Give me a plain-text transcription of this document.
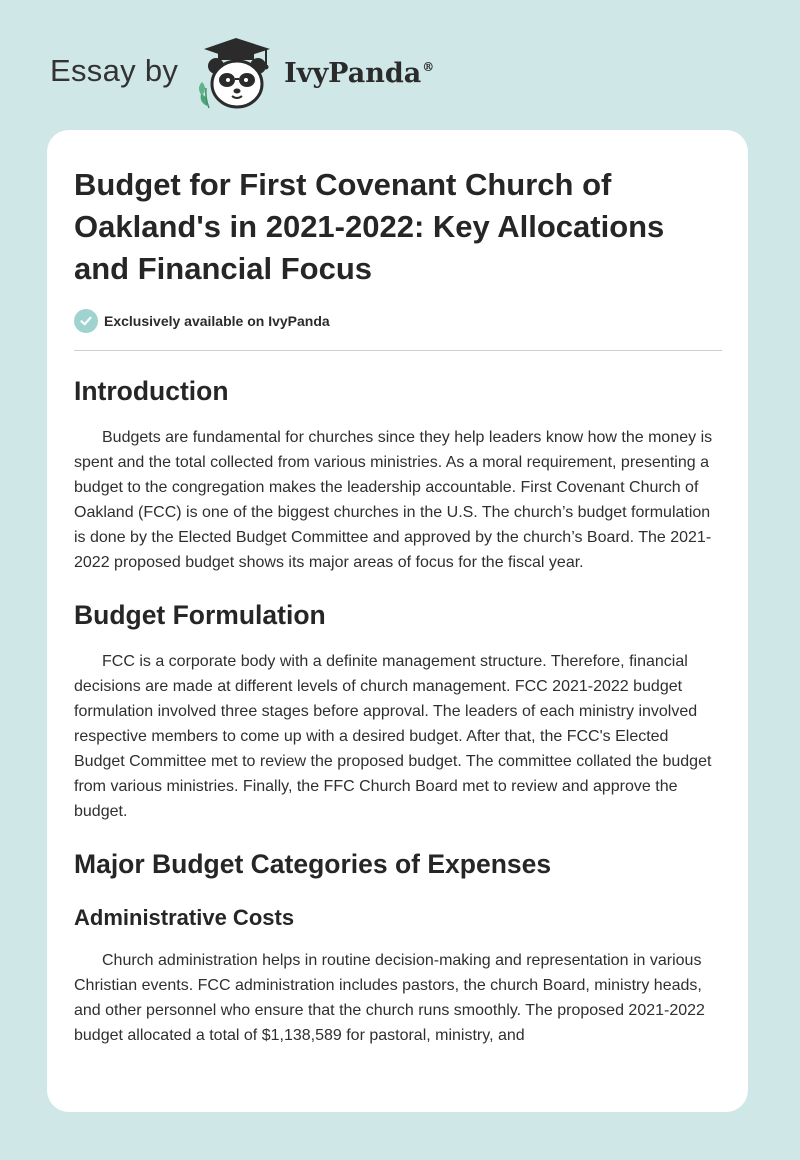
Essay by	IvyPanda®
Budget for First Covenant Church of Oakland's in 2021-2022: Key Allocations and Financial Focus
Exclusively available on IvyPanda
Introduction

Budgets are fundamental for churches since they help leaders know how the money is spent and the total collected from various ministries. As a moral requirement, presenting a budget to the congregation makes the leadership accountable. First Covenant Church of Oakland (FCC) is one of the biggest churches in the U.S. The church’s budget formulation is done by the Elected Budget Committee and approved by the church’s Board. The 2021-2022 proposed budget shows its major areas of focus for the fiscal year.

Budget Formulation

FCC is a corporate body with a definite management structure. Therefore, financial decisions are made at different levels of church management. FCC 2021-2022 budget formulation involved three stages before approval. The leaders of each ministry involved respective members to come up with a desired budget. After that, the FCC's Elected Budget Committee met to review the proposed budget. The committee collated the budget from various ministries. Finally, the FFC Church Board met to review and approve the budget.

Major Budget Categories of Expenses
Administrative Costs

Church administration helps in routine decision-making and representation in various Christian events. FCC administration includes pastors, the church Board, ministry heads, and other personnel who ensure that the church runs smoothly. The proposed 2021-2022 budget allocated a total of $1,138,589 for pastoral, ministry, and
